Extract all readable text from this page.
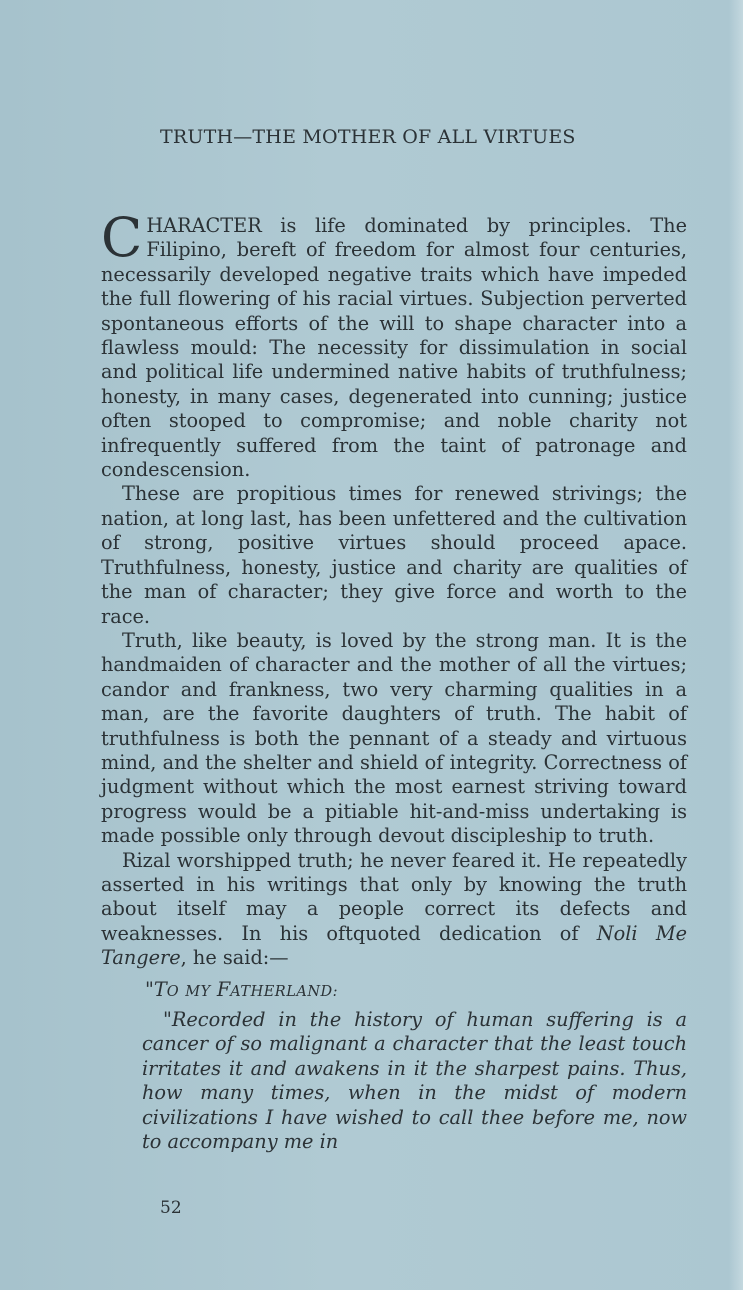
TRUTH—THE MOTHER OF ALL VIRTUES

CHARACTER is life dominated by principles. The Filipino, bereft of freedom for almost four centuries, necessarily developed negative traits which have impeded the full flowering of his racial virtues. Subjection perverted spontaneous efforts of the will to shape character into a flawless mould: The necessity for dissimulation in social and political life undermined native habits of truthfulness; honesty, in many cases, degenerated into cunning; justice often stooped to compromise; and noble charity not infrequently suffered from the taint of patronage and condescension.

These are propitious times for renewed strivings; the nation, at long last, has been unfettered and the cultivation of strong, positive virtues should proceed apace. Truthfulness, honesty, justice and charity are qualities of the man of character; they give force and worth to the race.

Truth, like beauty, is loved by the strong man. It is the handmaiden of character and the mother of all the virtues; candor and frankness, two very charming qualities in a man, are the favorite daughters of truth. The habit of truthfulness is both the pennant of a steady and virtuous mind, and the shelter and shield of integrity. Correctness of judgment without which the most earnest striving toward progress would be a pitiable hit-and-miss undertaking is made possible only through devout discipleship to truth.

Rizal worshipped truth; he never feared it. He repeatedly asserted in his writings that only by knowing the truth about itself may a people correct its defects and weaknesses. In his oftquoted dedication of Noli Me Tangere, he said:—

"TO MY FATHERLAND:

"Recorded in the history of human suffering is a cancer of so malignant a character that the least touch irritates it and awakens in it the sharpest pains. Thus, how many times, when in the midst of modern civilizations I have wished to call thee before me, now to accompany me in

52
